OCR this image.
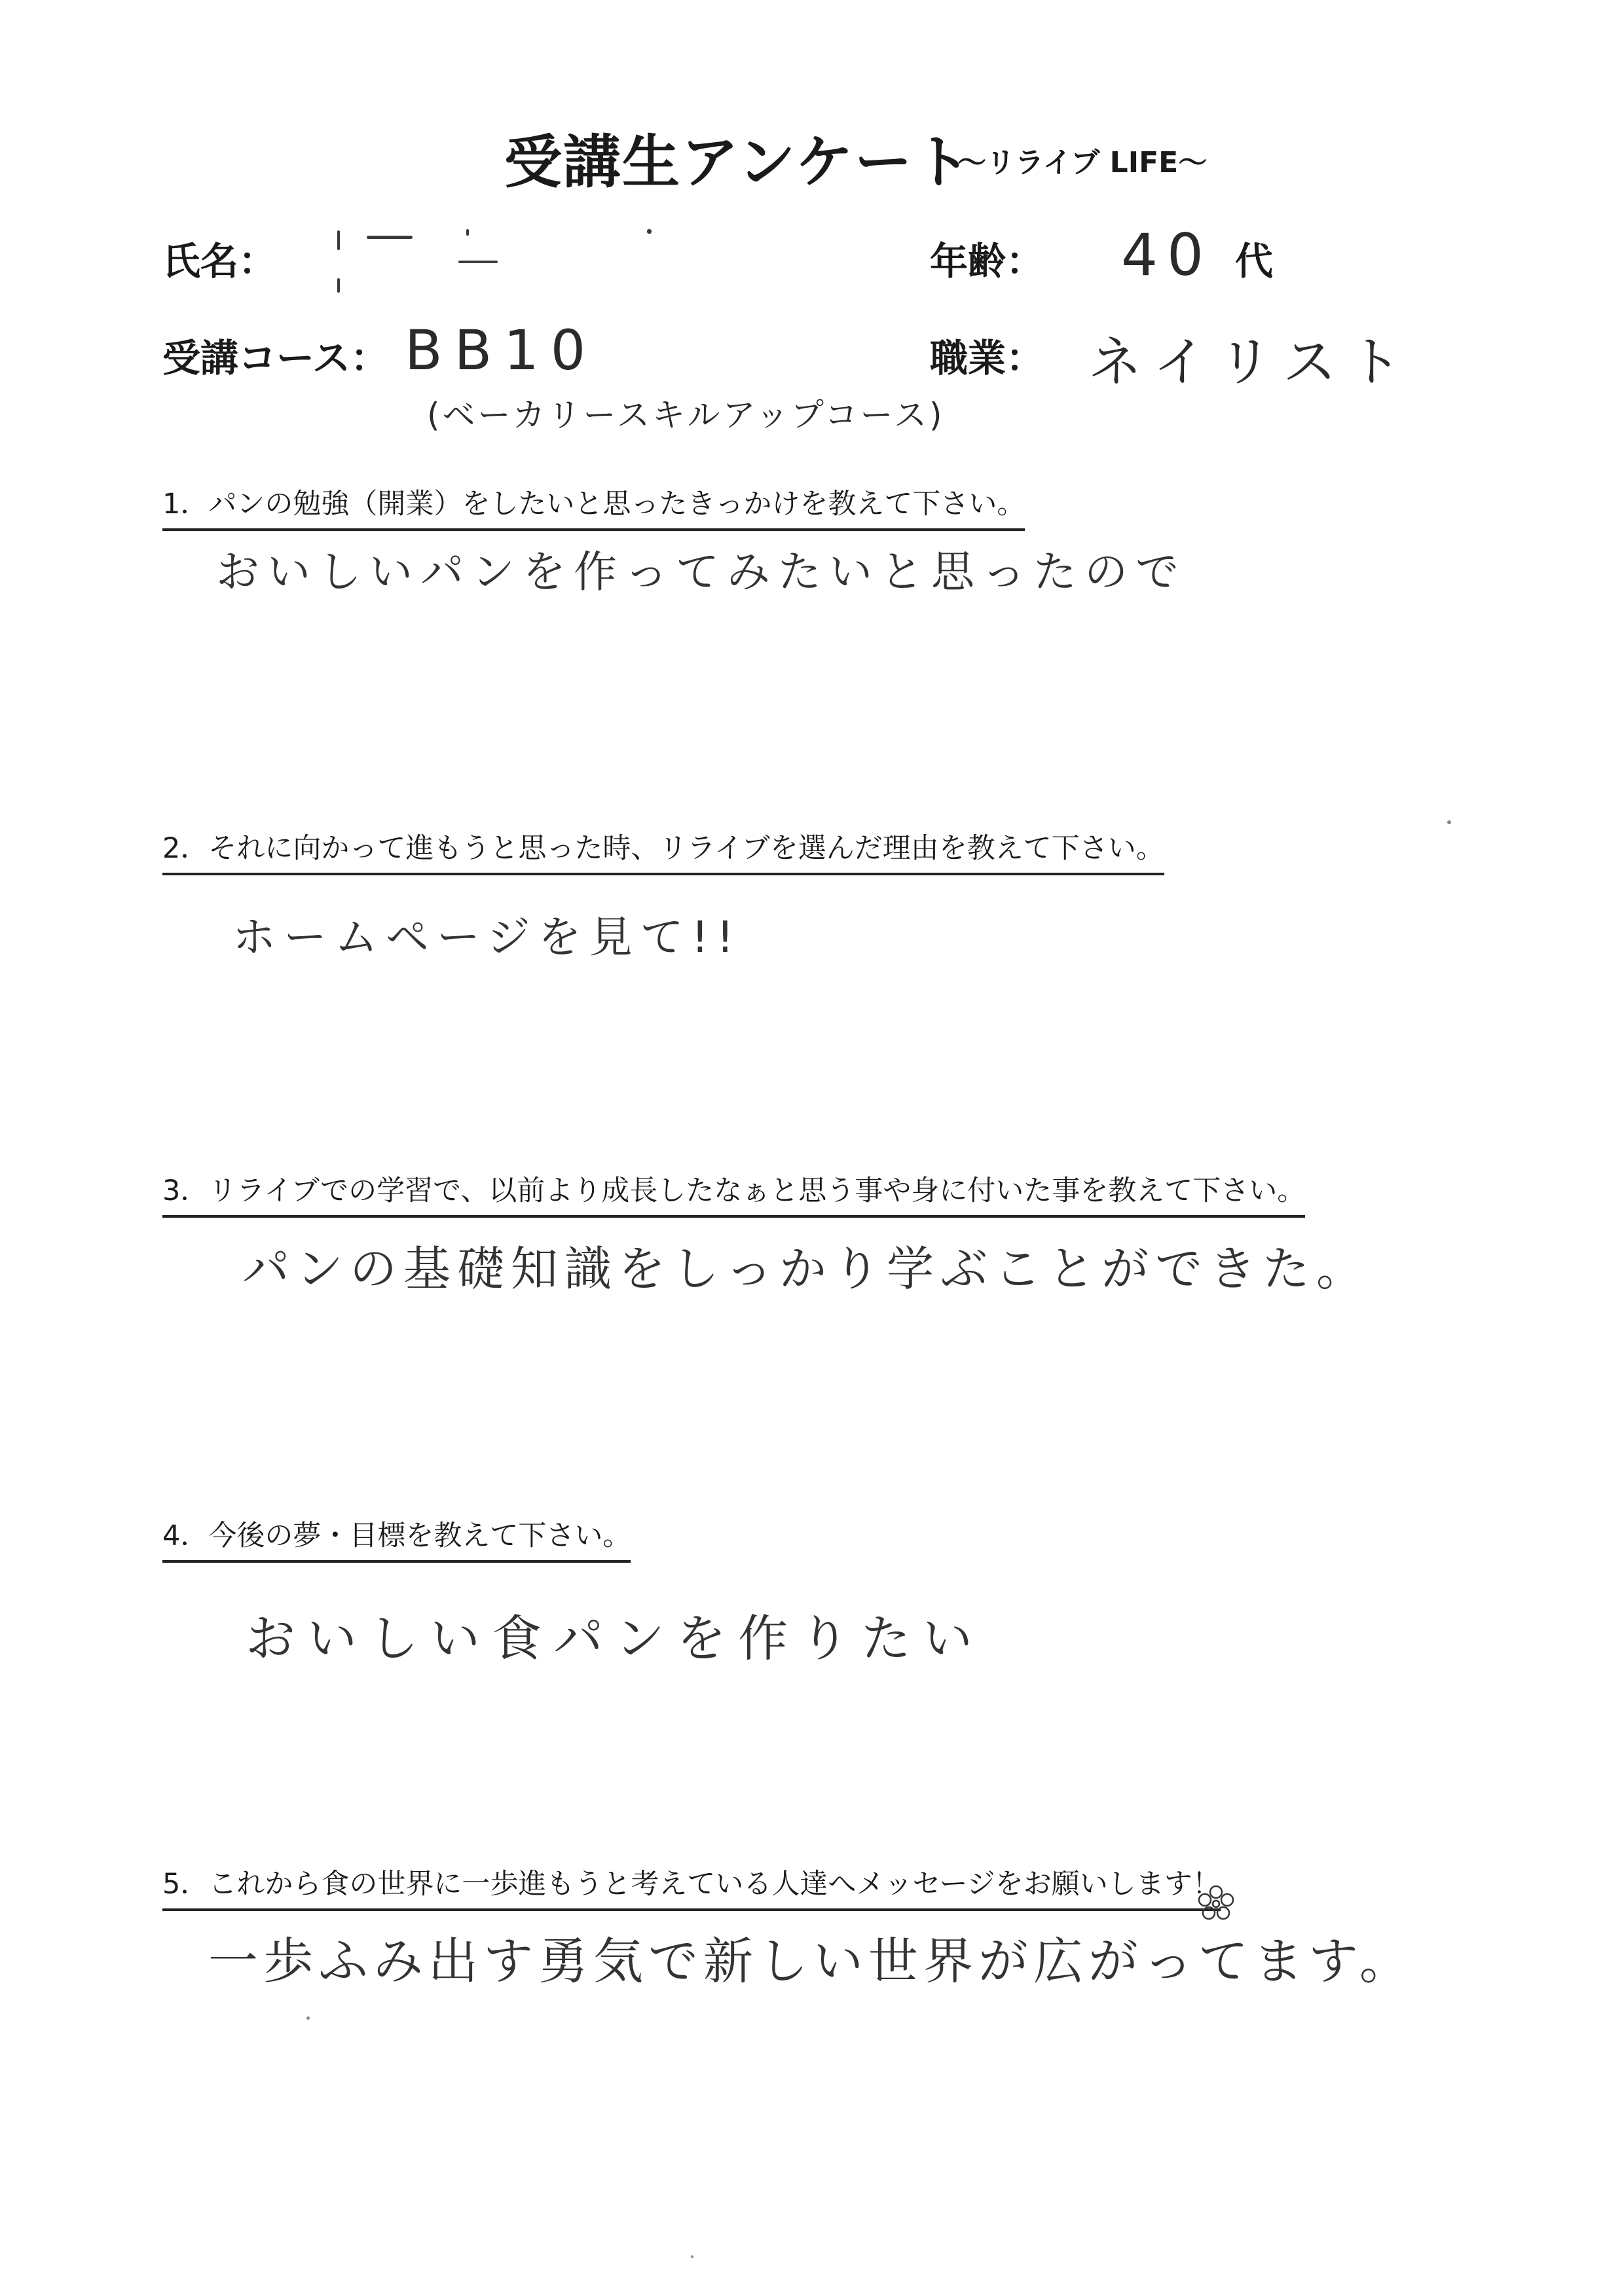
受講生アンケート
～リライブ LIFE～
氏名：	年齢： 40 代
受講コース： BB10
(ベーカリースキルアップコース)
職業： ネイリスト
1．パンの勉強（開業）をしたいと思ったきっかけを教えて下さい。
おいしいパンを作ってみたいと思ったので
2．それに向かって進もうと思った時、リライブを選んだ理由を教えて下さい。
ホームページを見て!!
3．リライブでの学習で、以前より成長したなぁと思う事や身に付いた事を教えて下さい。
パンの基礎知識をしっかり学ぶことができた。
4．今後の夢・目標を教えて下さい。
おいしい食パンを作りたい
5．これから食の世界に一歩進もうと考えている人達へメッセージをお願いします！
一歩ふみ出す勇気で新しい世界が広がってます。
